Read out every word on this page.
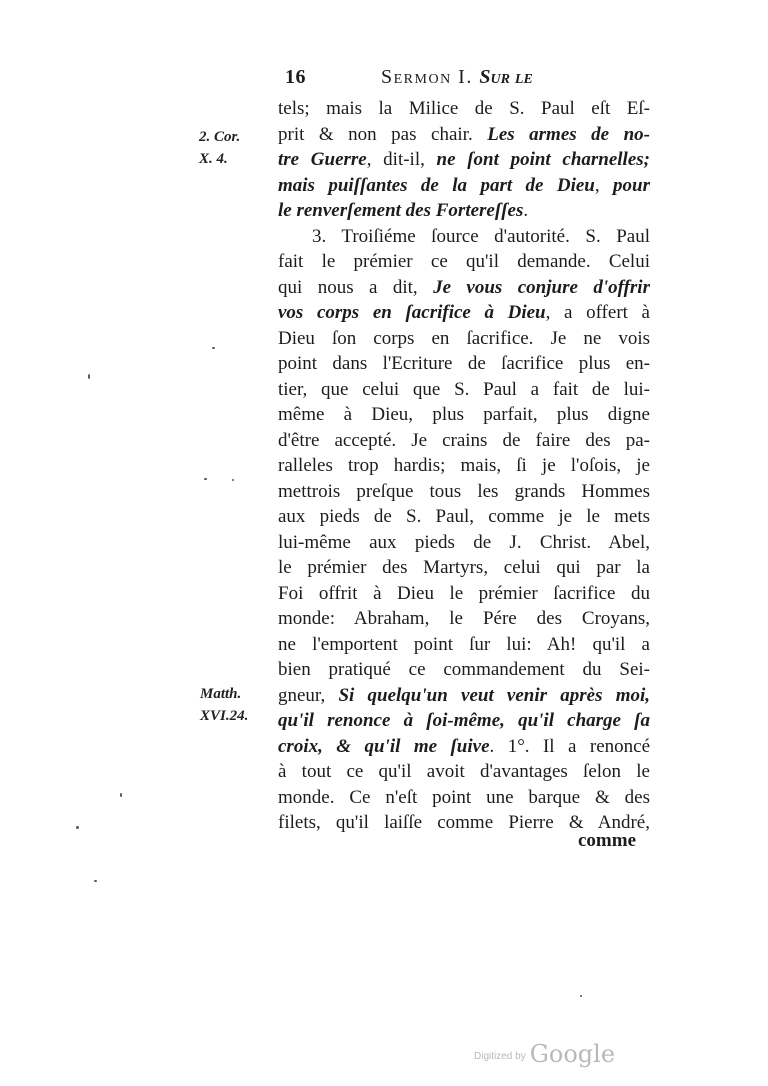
16	Sermon I. Sur le
2. Cor.
X. 4.
Matth.
XVI.24.
tels; mais la Milice de S. Paul eſt Eſ-
prit & non pas chair. Les armes de no-
tre Guerre, dit-il, ne ſont point charnelles;
mais puiſſantes de la part de Dieu, pour
le renverſement des Fortereſſes.
3. Troiſiéme ſource d'autorité. S. Paul
fait le prémier ce qu'il demande. Celui
qui nous a dit, Je vous conjure d'offrir
vos corps en ſacrifice à Dieu, a offert à
Dieu ſon corps en ſacrifice. Je ne vois
point dans l'Ecriture de ſacrifice plus en-
tier, que celui que S. Paul a fait de lui-
même à Dieu, plus parfait, plus digne
d'être accepté. Je crains de faire des pa-
ralleles trop hardis; mais, ſi je l'oſois, je
mettrois preſque tous les grands Hommes
aux pieds de S. Paul, comme je le mets
lui-même aux pieds de J. Christ. Abel,
le prémier des Martyrs, celui qui par la
Foi offrit à Dieu le prémier ſacrifice du
monde: Abraham, le Pére des Croyans,
ne l'emportent point ſur lui: Ah! qu'il a
bien pratiqué ce commandement du Sei-
gneur, Si quelqu'un veut venir après moi,
qu'il renonce à ſoi-même, qu'il charge ſa
croix, & qu'il me ſuive. 1°. Il a renoncé
à tout ce qu'il avoit d'avantages ſelon le
monde. Ce n'eſt point une barque & des
filets, qu'il laiſſe comme Pierre & André,
comme
Digitized by Google
